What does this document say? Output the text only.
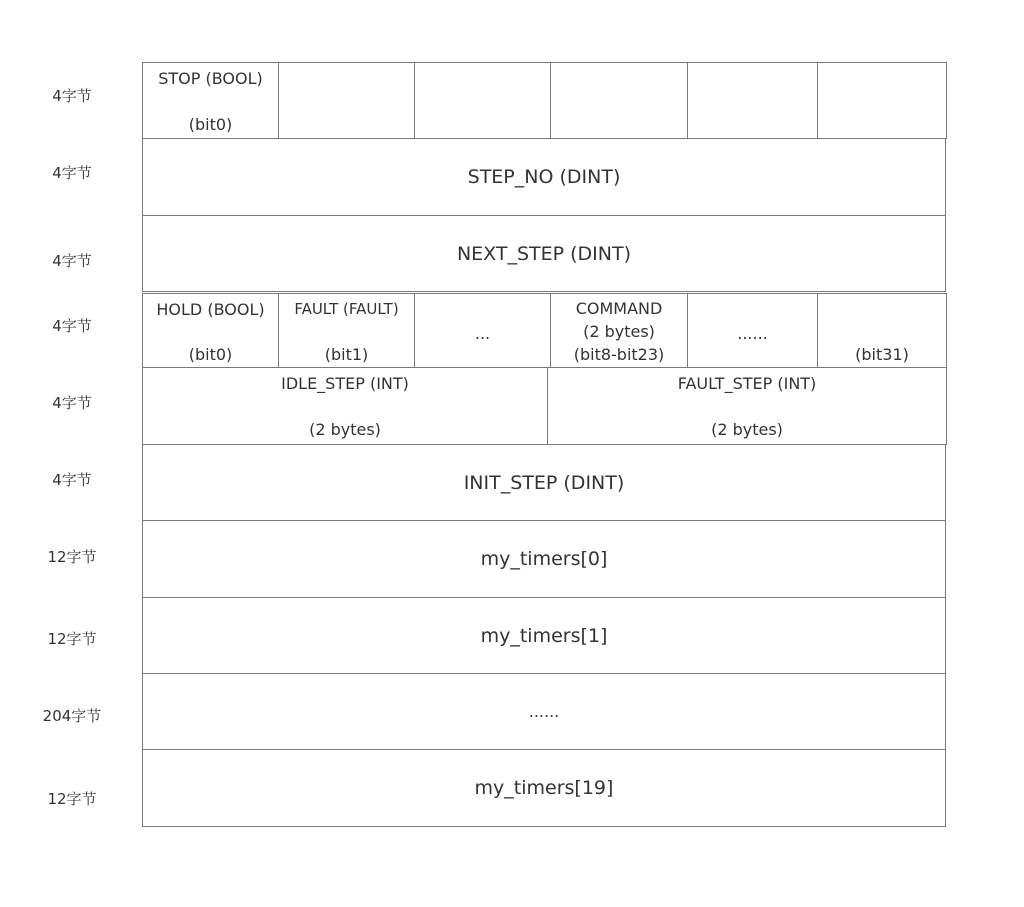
4字节
4字节
4字节
4字节
4字节
4字节
12字节
12字节
204字节
12字节
STOP (BOOL)
(bit0)
STEP_NO (DINT)
NEXT_STEP (DINT)
HOLD (BOOL)
(bit0)
FAULT (FAULT)
(bit1)
...
COMMAND
(2 bytes)
(bit8-bit23)
......
(bit31)
IDLE_STEP (INT)
(2 bytes)
FAULT_STEP (INT)
(2 bytes)
INIT_STEP (DINT)
my_timers[0]
my_timers[1]
......
my_timers[19]
